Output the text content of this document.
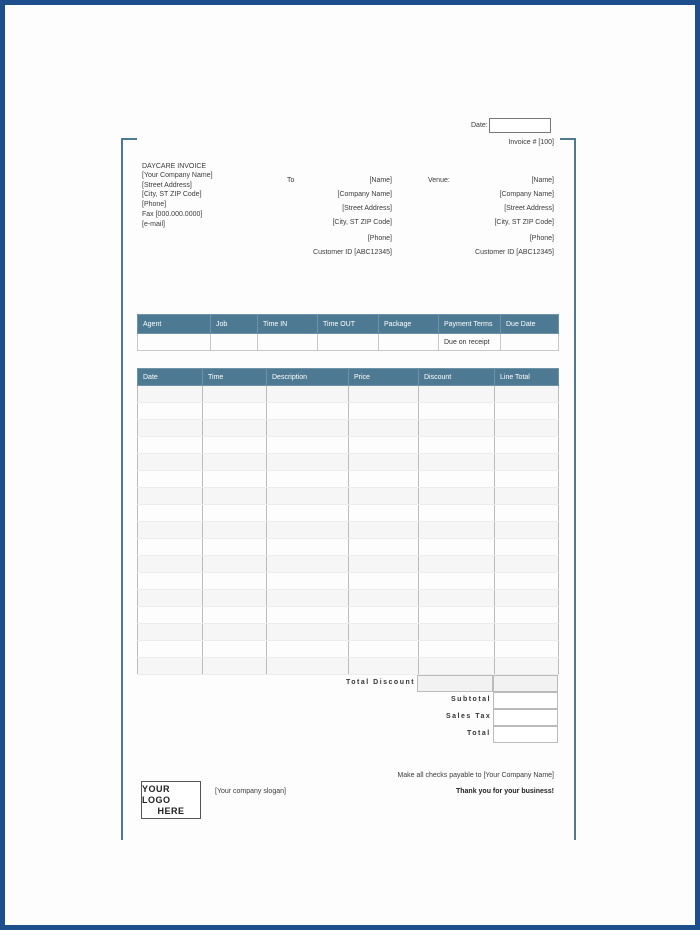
Date:
Invoice # [100]
DAYCARE INVOICE
[Your Company Name]
[Street Address]
[City, ST ZIP Code]
[Phone]
Fax [000.000.0000]
[e-mail]
To	[Name]
[Company Name]
[Street Address]
[City, ST ZIP Code]
[Phone]
Customer ID [ABC12345]
Venue:	[Name]
[Company Name]
[Street Address]
[City, ST ZIP Code]
[Phone]
Customer ID [ABC12345]
Agent	Job	Time IN	Time OUT	Package	Payment Terms	Due Date
					Due on receipt	
Date	Time	Description	Price	Discount	Line Total

Total Discount
Subtotal
Sales Tax
Total
YOUR LOGO
HERE
[Your company slogan]
Make all checks payable to [Your Company Name]
Thank you for your business!
